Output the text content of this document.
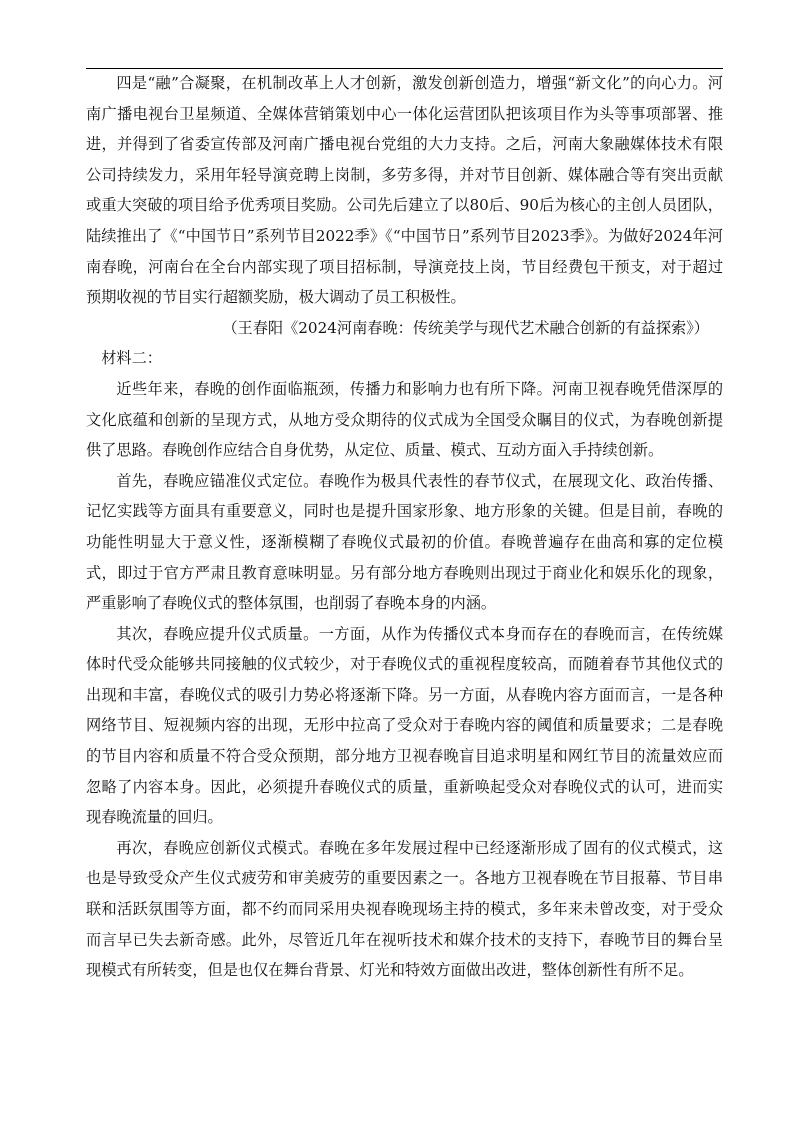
四是“融”合凝聚，在机制改革上人才创新，激发创新创造力，增强“新文化”的向心力。河南广播电视台卫星频道、全媒体营销策划中心一体化运营团队把该项目作为头等事项部署、推进，并得到了省委宣传部及河南广播电视台党组的大力支持。之后，河南大象融媒体技术有限公司持续发力，采用年轻导演竞聘上岗制，多劳多得，并对节目创新、媒体融合等有突出贡献或重大突破的项目给予优秀项目奖励。公司先后建立了以80后、90后为核心的主创人员团队，陆续推出了《“中国节日”系列节目2022季》《“中国节日”系列节目2023季》。为做好2024年河南春晚，河南台在全台内部实现了项目招标制，导演竞技上岗，节目经费包干预支，对于超过预期收视的节目实行超额奖励，极大调动了员工积极性。

（王春阳《2024河南春晚：传统美学与现代艺术融合创新的有益探索》）

材料二：

近些年来，春晚的创作面临瓶颈，传播力和影响力也有所下降。河南卫视春晚凭借深厚的文化底蕴和创新的呈现方式，从地方受众期待的仪式成为全国受众瞩目的仪式，为春晚创新提供了思路。春晚创作应结合自身优势，从定位、质量、模式、互动方面入手持续创新。

首先，春晚应锚准仪式定位。春晚作为极具代表性的春节仪式，在展现文化、政治传播、记忆实践等方面具有重要意义，同时也是提升国家形象、地方形象的关键。但是目前，春晚的功能性明显大于意义性，逐渐模糊了春晚仪式最初的价值。春晚普遍存在曲高和寡的定位模式，即过于官方严肃且教育意味明显。另有部分地方春晚则出现过于商业化和娱乐化的现象，严重影响了春晚仪式的整体氛围，也削弱了春晚本身的内涵。

其次，春晚应提升仪式质量。一方面，从作为传播仪式本身而存在的春晚而言，在传统媒体时代受众能够共同接触的仪式较少，对于春晚仪式的重视程度较高，而随着春节其他仪式的出现和丰富，春晚仪式的吸引力势必将逐渐下降。另一方面，从春晚内容方面而言，一是各种网络节目、短视频内容的出现，无形中拉高了受众对于春晚内容的阈值和质量要求；二是春晚的节目内容和质量不符合受众预期，部分地方卫视春晚盲目追求明星和网红节目的流量效应而忽略了内容本身。因此，必须提升春晚仪式的质量，重新唤起受众对春晚仪式的认可，进而实现春晚流量的回归。

再次，春晚应创新仪式模式。春晚在多年发展过程中已经逐渐形成了固有的仪式模式，这也是导致受众产生仪式疲劳和审美疲劳的重要因素之一。各地方卫视春晚在节目报幕、节目串联和活跃氛围等方面，都不约而同采用央视春晚现场主持的模式，多年来未曾改变，对于受众而言早已失去新奇感。此外，尽管近几年在视听技术和媒介技术的支持下，春晚节目的舞台呈现模式有所转变，但是也仅在舞台背景、灯光和特效方面做出改进，整体创新性有所不足。
